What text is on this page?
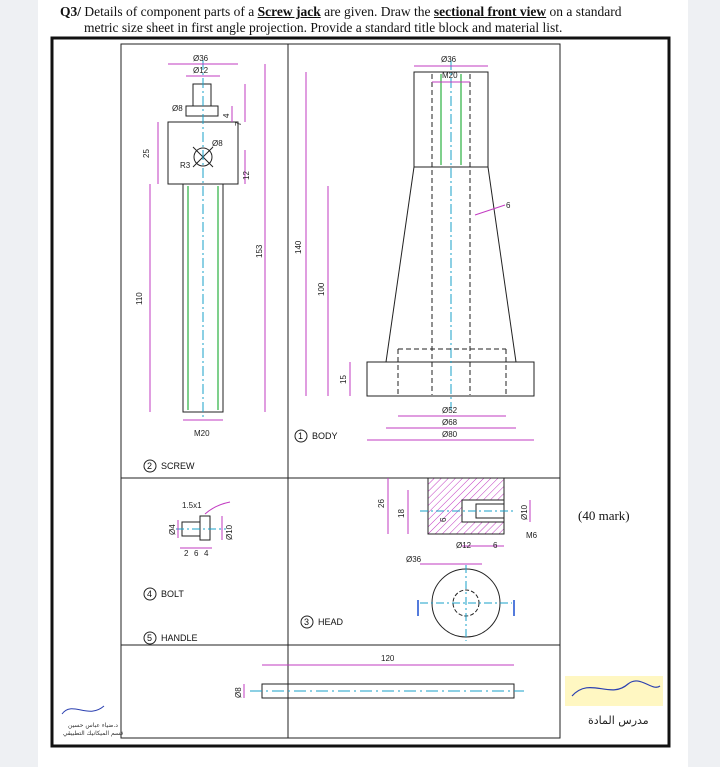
Q3/ Details of component parts of a Screw jack are given. Draw the sectional front view on a standard
metric size sheet in first angle projection. Provide a standard title block and material list.
Ø36
Ø12
Ø8
Ø8
R3
25
110
153
7
4
12
M20
Ø36
M20
140
100
15
6
Ø52
Ø68
Ø80
1 BODY
2 SCREW
1.5x1
Ø4	Ø10
2 6 4
4 BOLT
26
18
6	Ø10
Ø12	6
M6
Ø36
3 HEAD
5 HANDLE
120
Ø8
(40 mark)
مدرس المادة
د.ضياء عباس حسين
قسم الميكانيك التطبيقي
